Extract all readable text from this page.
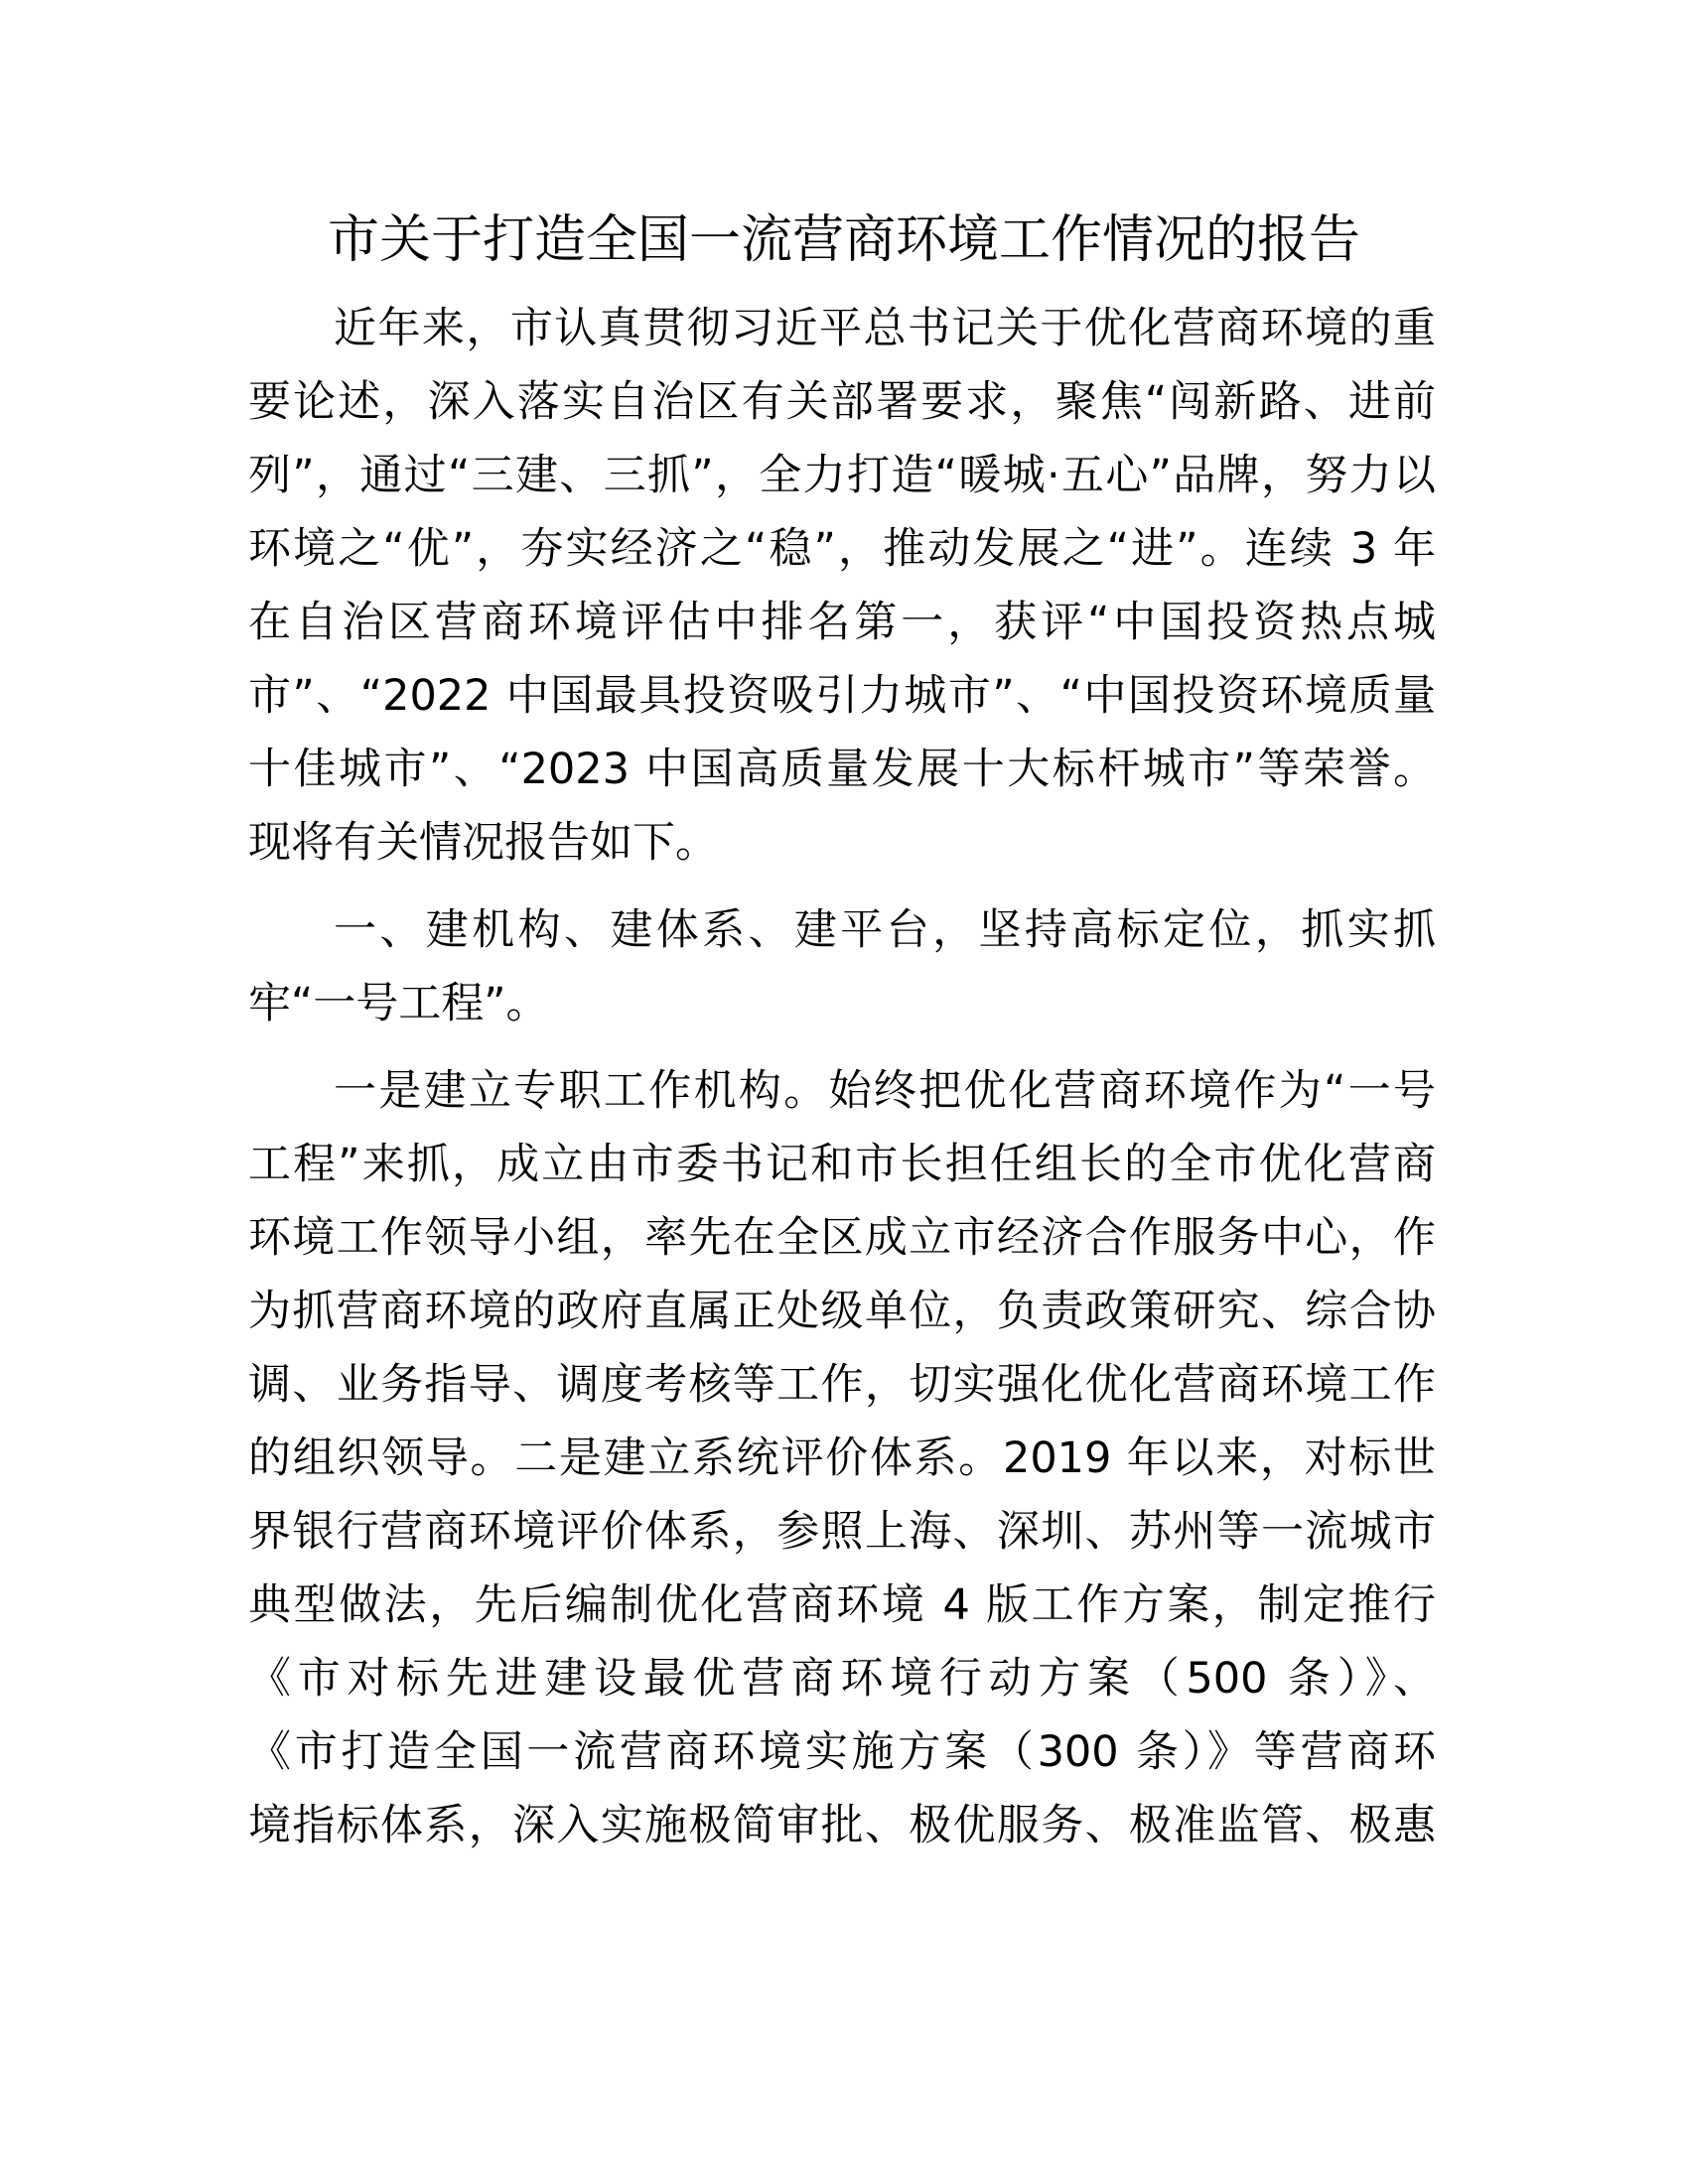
市关于打造全国一流营商环境工作情况的报告

近年来，市认真贯彻习近平总书记关于优化营商环境的重
要论述，深入落实自治区有关部署要求，聚焦“闯新路、进前
列”，通过“三建、三抓”，全力打造“暖城·五心”品牌，努力以
环境之“优”，夯实经济之“稳”，推动发展之“进”。连续 3 年
在自治区营商环境评估中排名第一，获评“中国投资热点城
市”、“2022 中国最具投资吸引力城市”、“中国投资环境质量
十佳城市”、“2023 中国高质量发展十大标杆城市”等荣誉。
现将有关情况报告如下。

一、建机构、建体系、建平台，坚持高标定位，抓实抓
牢“一号工程”。

一是建立专职工作机构。始终把优化营商环境作为“一号
工程”来抓，成立由市委书记和市长担任组长的全市优化营商
环境工作领导小组，率先在全区成立市经济合作服务中心，作
为抓营商环境的政府直属正处级单位，负责政策研究、综合协
调、业务指导、调度考核等工作，切实强化优化营商环境工作
的组织领导。二是建立系统评价体系。2019 年以来，对标世
界银行营商环境评价体系，参照上海、深圳、苏州等一流城市
典型做法，先后编制优化营商环境 4 版工作方案，制定推行
《市对标先进建设最优营商环境行动方案（500 条）》、
《市打造全国一流营商环境实施方案（300 条）》等营商环
境指标体系，深入实施极简审批、极优服务、极准监管、极惠
